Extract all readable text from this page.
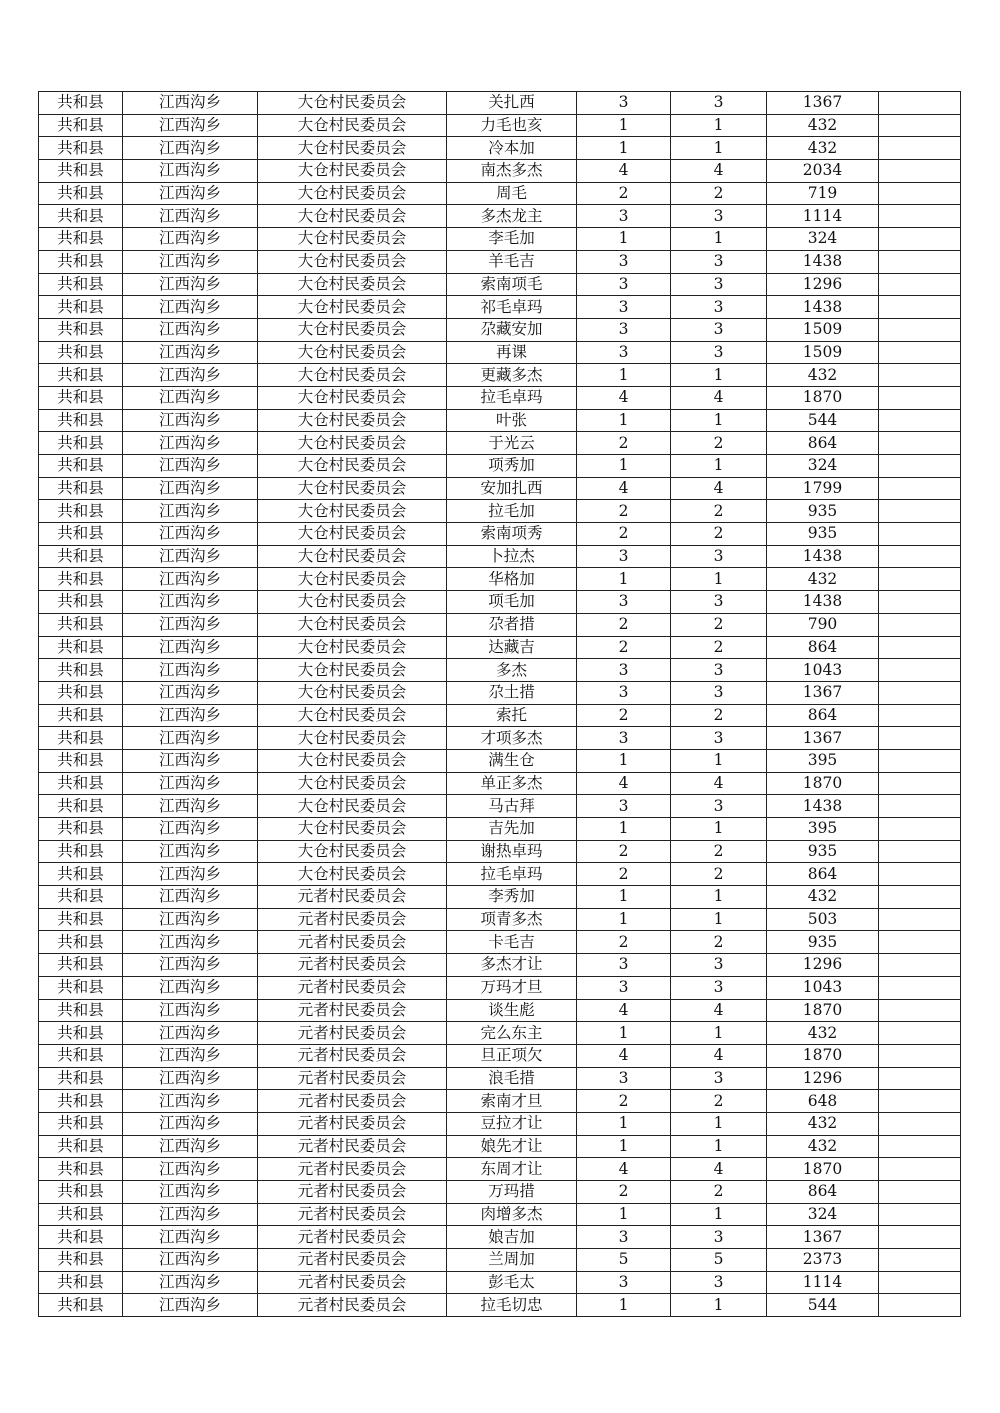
共和县	江西沟乡	大仓村民委员会	关扎西	3	3	1367	
共和县	江西沟乡	大仓村民委员会	力毛也亥	1	1	432	
共和县	江西沟乡	大仓村民委员会	冷本加	1	1	432	
共和县	江西沟乡	大仓村民委员会	南杰多杰	4	4	2034	
共和县	江西沟乡	大仓村民委员会	周毛	2	2	719	
共和县	江西沟乡	大仓村民委员会	多杰龙主	3	3	1114	
共和县	江西沟乡	大仓村民委员会	李毛加	1	1	324	
共和县	江西沟乡	大仓村民委员会	羊毛吉	3	3	1438	
共和县	江西沟乡	大仓村民委员会	索南项毛	3	3	1296	
共和县	江西沟乡	大仓村民委员会	祁毛卓玛	3	3	1438	
共和县	江西沟乡	大仓村民委员会	尕藏安加	3	3	1509	
共和县	江西沟乡	大仓村民委员会	再课	3	3	1509	
共和县	江西沟乡	大仓村民委员会	更藏多杰	1	1	432	
共和县	江西沟乡	大仓村民委员会	拉毛卓玛	4	4	1870	
共和县	江西沟乡	大仓村民委员会	叶张	1	1	544	
共和县	江西沟乡	大仓村民委员会	于光云	2	2	864	
共和县	江西沟乡	大仓村民委员会	项秀加	1	1	324	
共和县	江西沟乡	大仓村民委员会	安加扎西	4	4	1799	
共和县	江西沟乡	大仓村民委员会	拉毛加	2	2	935	
共和县	江西沟乡	大仓村民委员会	索南项秀	2	2	935	
共和县	江西沟乡	大仓村民委员会	卜拉杰	3	3	1438	
共和县	江西沟乡	大仓村民委员会	华格加	1	1	432	
共和县	江西沟乡	大仓村民委员会	项毛加	3	3	1438	
共和县	江西沟乡	大仓村民委员会	尕者措	2	2	790	
共和县	江西沟乡	大仓村民委员会	达藏吉	2	2	864	
共和县	江西沟乡	大仓村民委员会	多杰	3	3	1043	
共和县	江西沟乡	大仓村民委员会	尕土措	3	3	1367	
共和县	江西沟乡	大仓村民委员会	索托	2	2	864	
共和县	江西沟乡	大仓村民委员会	才项多杰	3	3	1367	
共和县	江西沟乡	大仓村民委员会	满生仓	1	1	395	
共和县	江西沟乡	大仓村民委员会	单正多杰	4	4	1870	
共和县	江西沟乡	大仓村民委员会	马古拜	3	3	1438	
共和县	江西沟乡	大仓村民委员会	吉先加	1	1	395	
共和县	江西沟乡	大仓村民委员会	谢热卓玛	2	2	935	
共和县	江西沟乡	大仓村民委员会	拉毛卓玛	2	2	864	
共和县	江西沟乡	元者村民委员会	李秀加	1	1	432	
共和县	江西沟乡	元者村民委员会	项青多杰	1	1	503	
共和县	江西沟乡	元者村民委员会	卡毛吉	2	2	935	
共和县	江西沟乡	元者村民委员会	多杰才让	3	3	1296	
共和县	江西沟乡	元者村民委员会	万玛才旦	3	3	1043	
共和县	江西沟乡	元者村民委员会	谈生彪	4	4	1870	
共和县	江西沟乡	元者村民委员会	完么东主	1	1	432	
共和县	江西沟乡	元者村民委员会	旦正项欠	4	4	1870	
共和县	江西沟乡	元者村民委员会	浪毛措	3	3	1296	
共和县	江西沟乡	元者村民委员会	索南才旦	2	2	648	
共和县	江西沟乡	元者村民委员会	豆拉才让	1	1	432	
共和县	江西沟乡	元者村民委员会	娘先才让	1	1	432	
共和县	江西沟乡	元者村民委员会	东周才让	4	4	1870	
共和县	江西沟乡	元者村民委员会	万玛措	2	2	864	
共和县	江西沟乡	元者村民委员会	肉增多杰	1	1	324	
共和县	江西沟乡	元者村民委员会	娘吉加	3	3	1367	
共和县	江西沟乡	元者村民委员会	兰周加	5	5	2373	
共和县	江西沟乡	元者村民委员会	彭毛太	3	3	1114	
共和县	江西沟乡	元者村民委员会	拉毛切忠	1	1	544	
